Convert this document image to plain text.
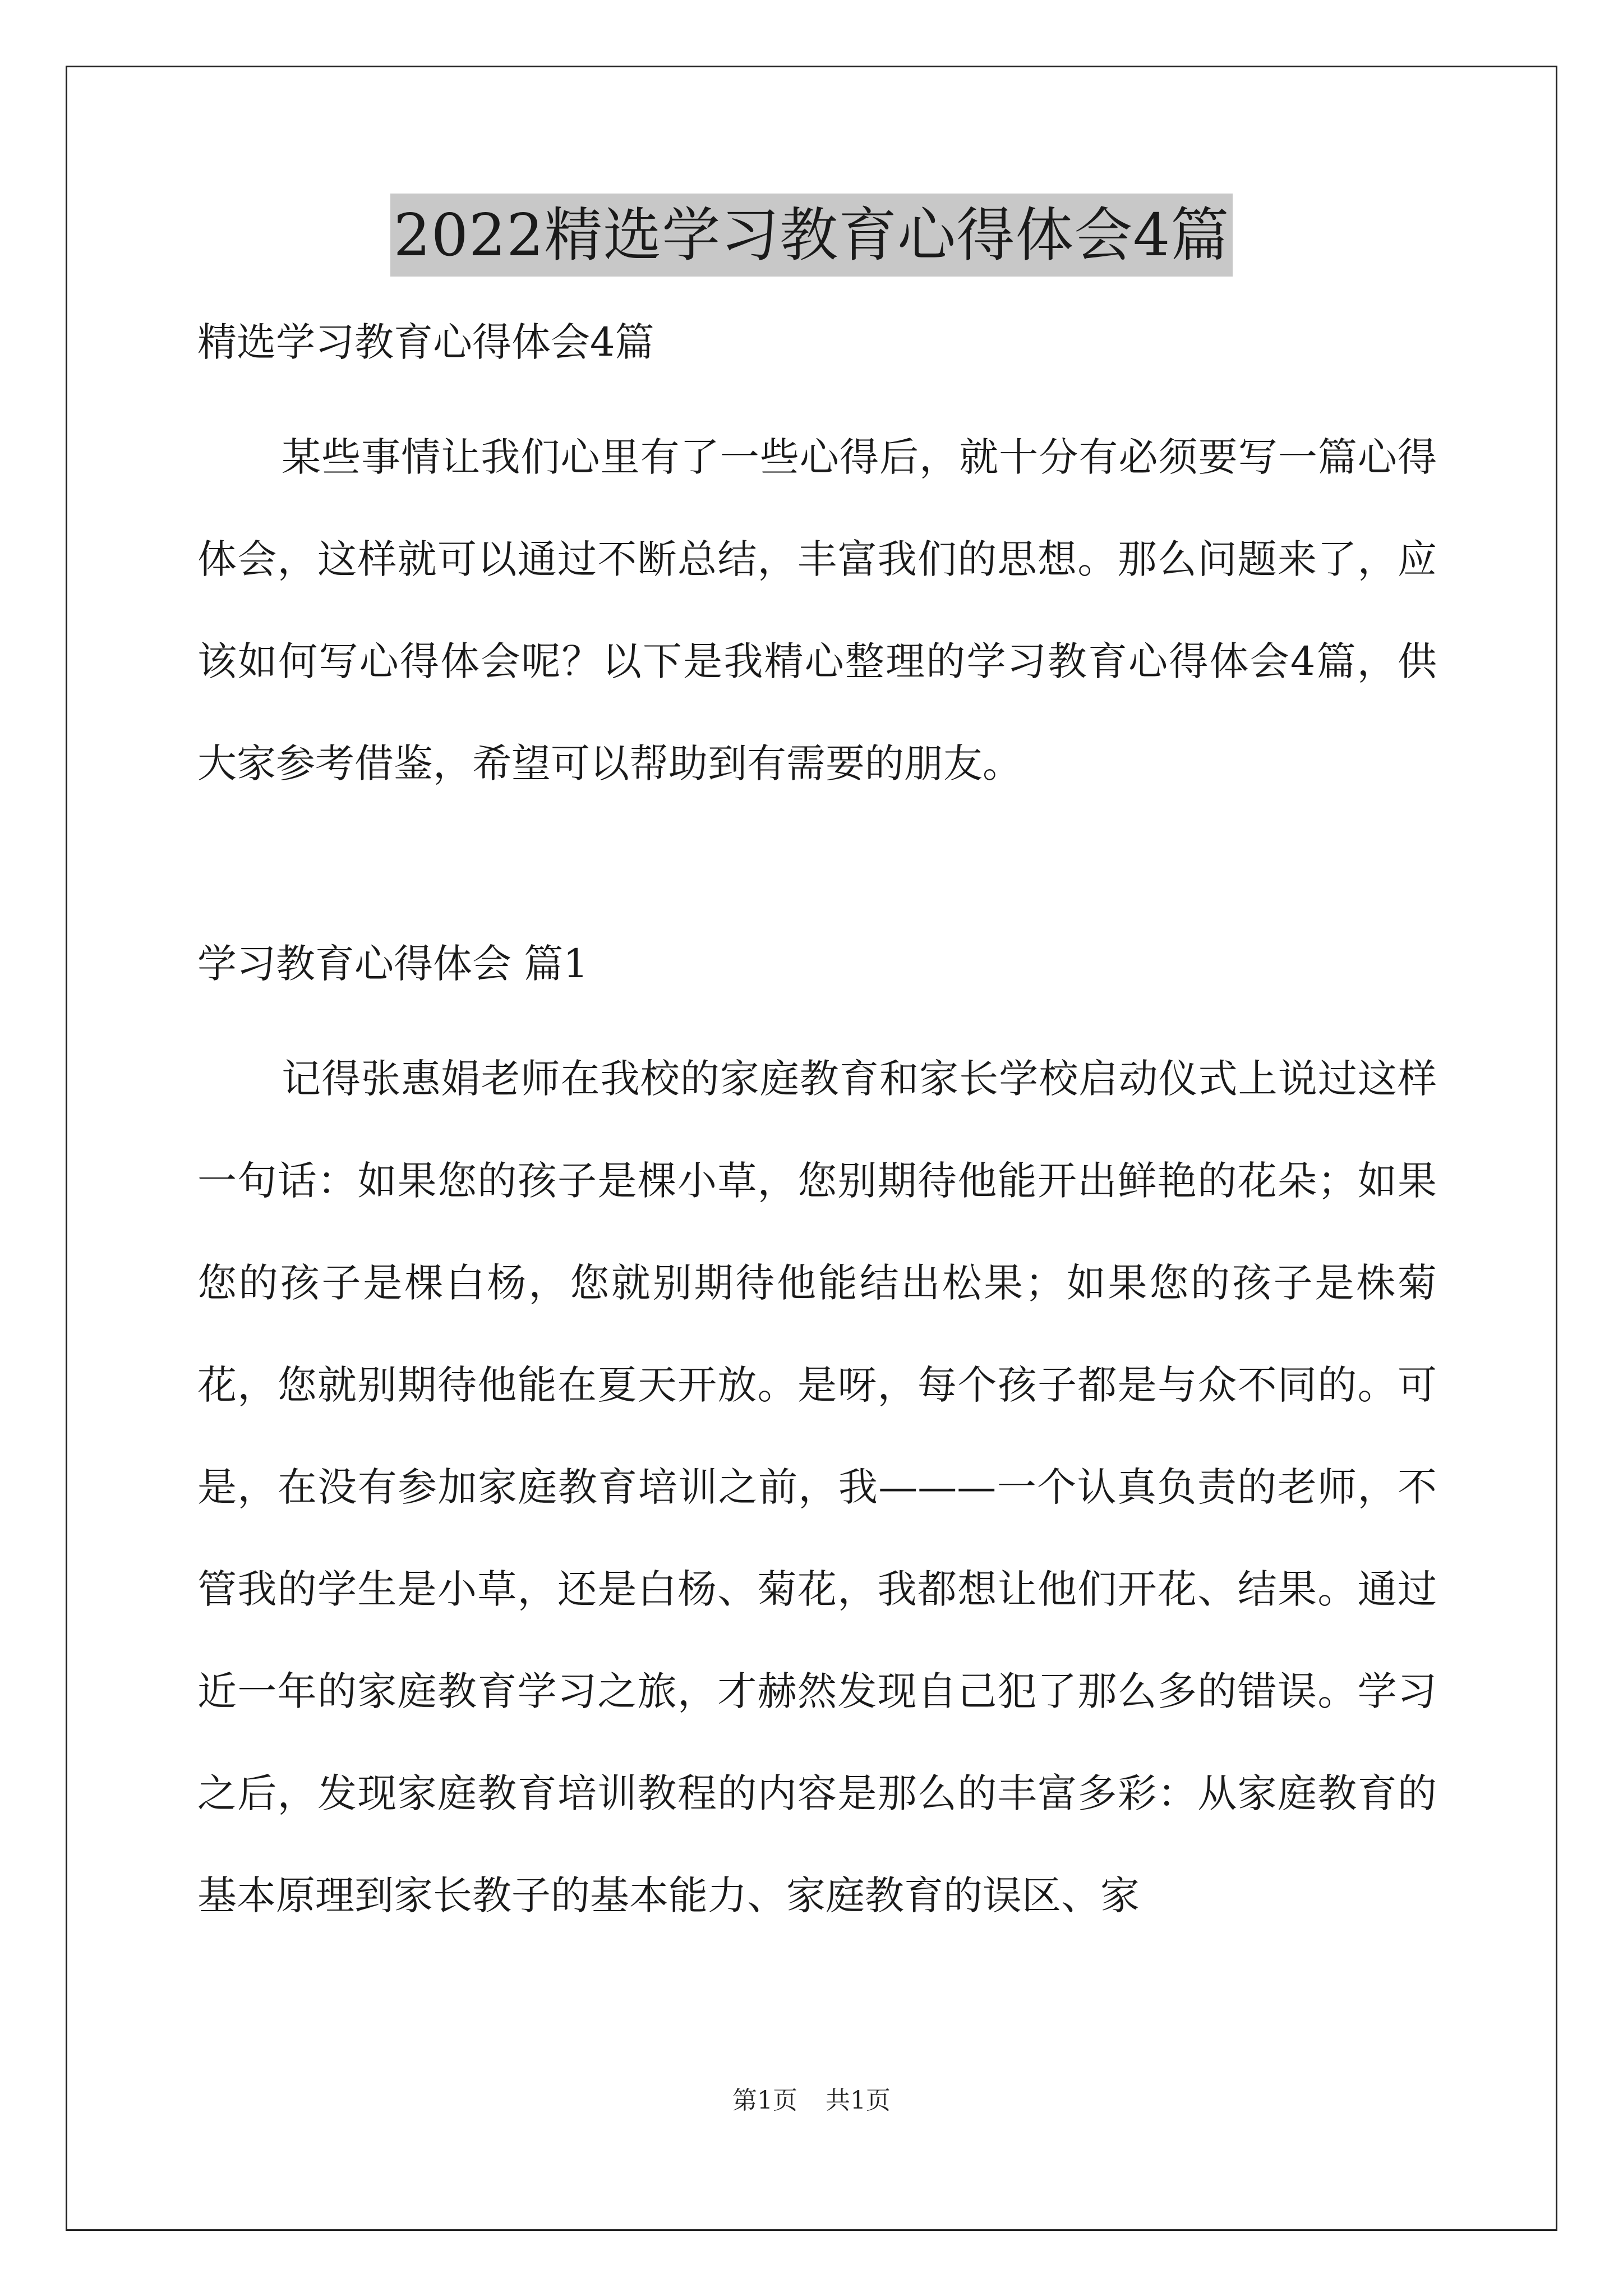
2022精选学习教育心得体会4篇
精选学习教育心得体会4篇

某些事情让我们心里有了一些心得后，就十分有必须要写一篇心得体会，这样就可以通过不断总结，丰富我们的思想。那么问题来了，应该如何写心得体会呢？以下是我精心整理的学习教育心得体会4篇，供大家参考借鉴，希望可以帮助到有需要的朋友。

学习教育心得体会 篇1

记得张惠娟老师在我校的家庭教育和家长学校启动仪式上说过这样一句话：如果您的孩子是棵小草，您别期待他能开出鲜艳的花朵；如果您的孩子是棵白杨，您就别期待他能结出松果；如果您的孩子是株菊花，您就别期待他能在夏天开放。是呀，每个孩子都是与众不同的。可是，在没有参加家庭教育培训之前，我———一个认真负责的老师，不管我的学生是小草，还是白杨、菊花，我都想让他们开花、结果。通过近一年的家庭教育学习之旅，才赫然发现自己犯了那么多的错误。学习之后，发现家庭教育培训教程的内容是那么的丰富多彩：从家庭教育的基本原理到家长教子的基本能力、家庭教育的误区、家

第1页 共1页
